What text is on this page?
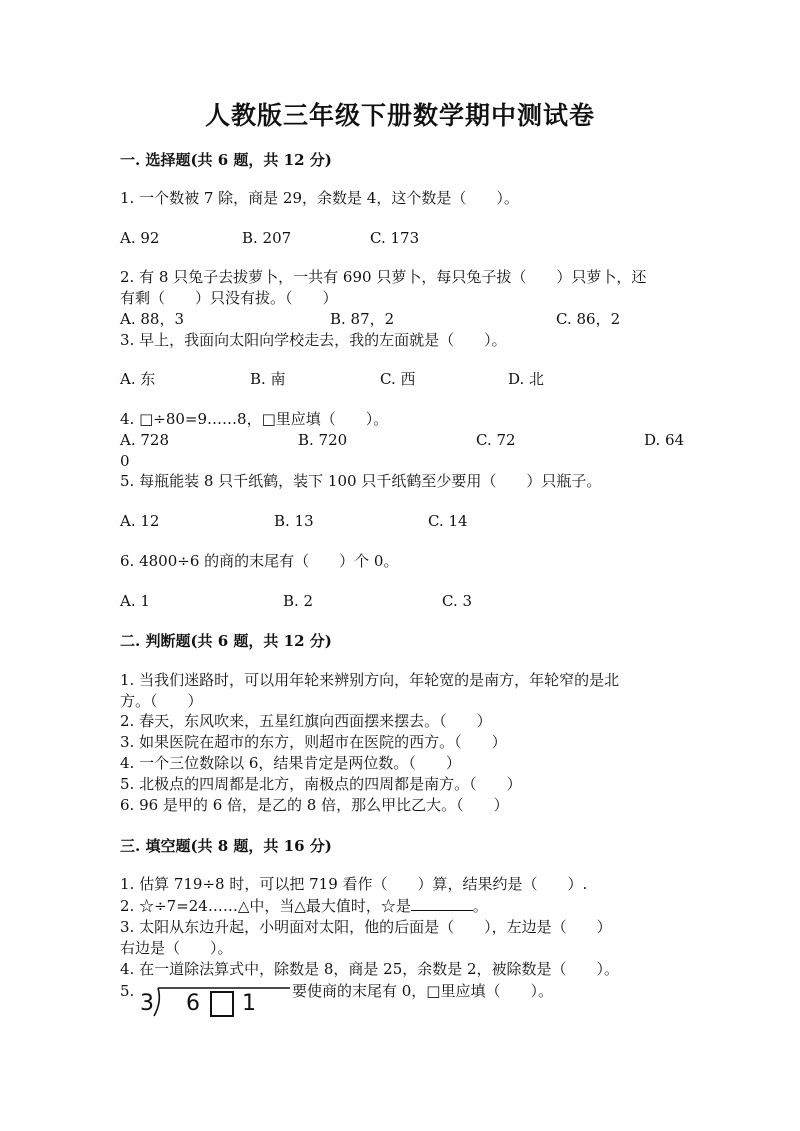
人教版三年级下册数学期中测试卷
一. 选择题(共 6 题，共 12 分)
1. 一个数被 7 除，商是 29，余数是 4，这个数是（　　）。
A. 92	B. 207	C. 173
2. 有 8 只兔子去拔萝卜，一共有 690 只萝卜，每只兔子拔（　　）只萝卜，还
有剩（　　）只没有拔。（　　）
A. 88，3	B. 87，2	C. 86，2
3. 早上，我面向太阳向学校走去，我的左面就是（　　）。
A. 东	B. 南	C. 西	D. 北
4. □÷80=9……8，□里应填（　　）。
A. 728	B. 720	C. 72	D. 64
0
5. 每瓶能装 8 只千纸鹤，装下 100 只千纸鹤至少要用（　　）只瓶子。
A. 12	B. 13	C. 14
6. 4800÷6 的商的末尾有（　　）个 0。
A. 1	B. 2	C. 3
二. 判断题(共 6 题，共 12 分)
1. 当我们迷路时，可以用年轮来辨别方向，年轮宽的是南方，年轮窄的是北
方。（　　）
2. 春天，东风吹来，五星红旗向西面摆来摆去。（　　）
3. 如果医院在超市的东方，则超市在医院的西方。（　　）
4. 一个三位数除以 6，结果肯定是两位数。（　　）
5. 北极点的四周都是北方，南极点的四周都是南方。（　　）
6. 96 是甲的 6 倍，是乙的 8 倍，那么甲比乙大。（　　）
三. 填空题(共 8 题，共 16 分)
1. 估算 719÷8 时，可以把 719 看作（　　）算，结果约是（　　）.
2. ☆÷7=24……△中，当△最大值时，☆是	。
3. 太阳从东边升起，小明面对太阳，他的后面是（　　），左边是（　　）
右边是（　　）。
4. 在一道除法算式中，除数是 8，商是 25，余数是 2，被除数是（　　）。
5. 3 6 1 要使商的末尾有 0，□里应填（　　）。
